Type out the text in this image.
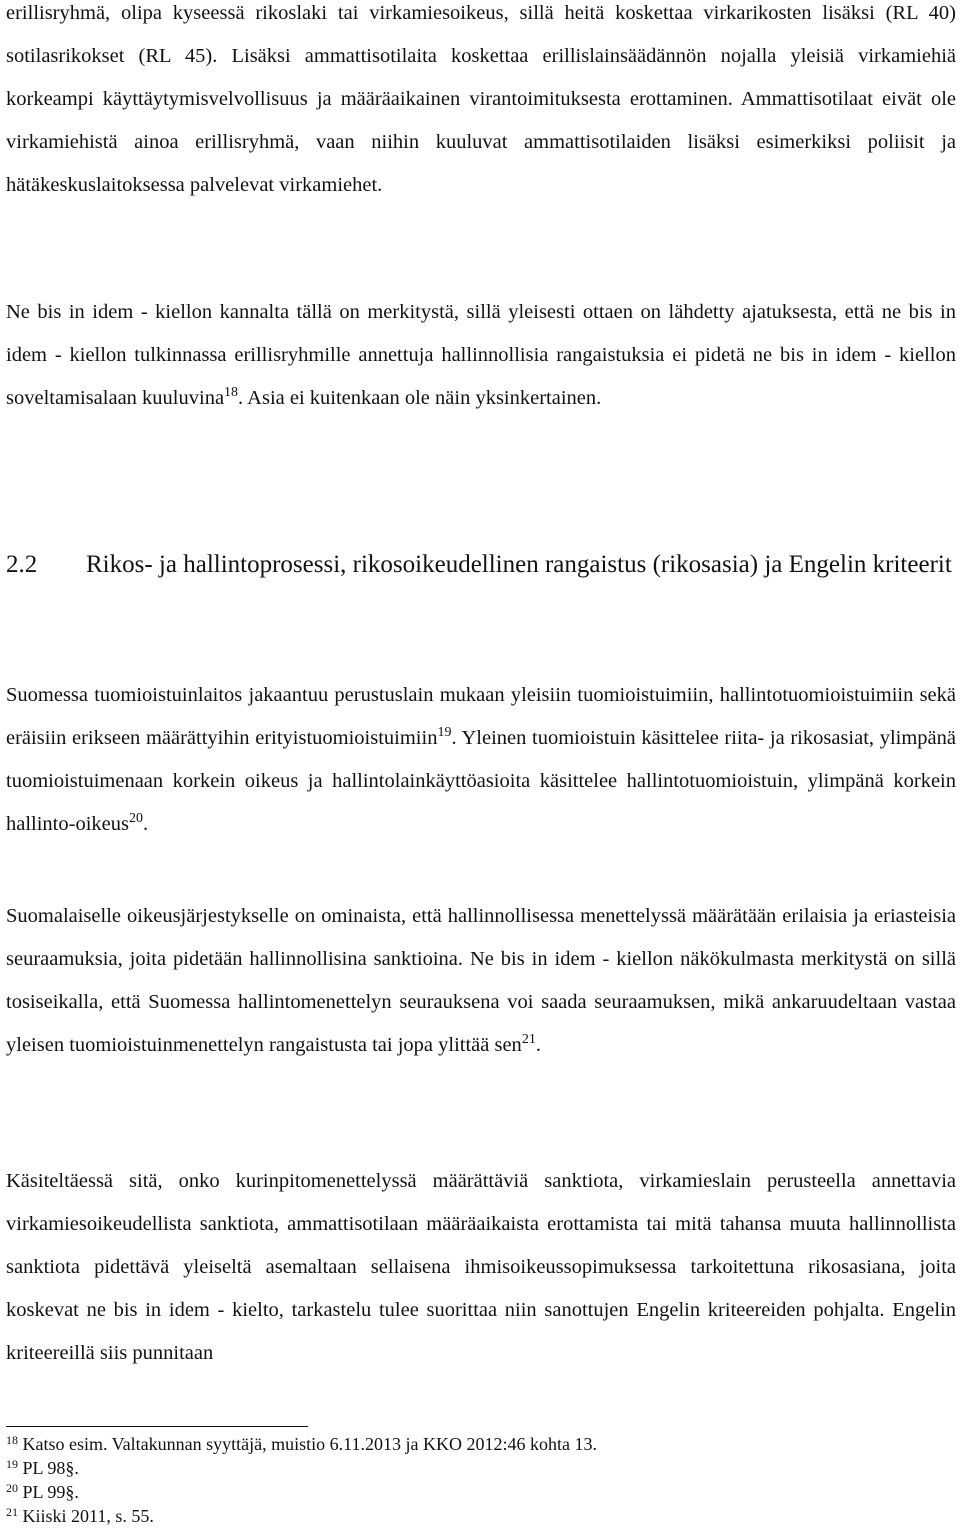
erillisryhmä, olipa kyseessä rikoslaki tai virkamiesoikeus, sillä heitä koskettaa virkarikosten lisäksi (RL 40) sotilasrikokset (RL 45). Lisäksi ammattisotilaita koskettaa erillislainsäädännön nojalla yleisiä virkamiehiä korkeampi käyttäytymisvelvollisuus ja määräaikainen virantoimituksesta erottaminen. Ammattisotilaat eivät ole virkamiehistä ainoa erillisryhmä, vaan niihin kuuluvat ammattisotilaiden lisäksi esimerkiksi poliisit ja hätäkeskuslaitoksessa palvelevat virkamiehet.

Ne bis in idem - kiellon kannalta tällä on merkitystä, sillä yleisesti ottaen on lähdetty ajatuksesta, että ne bis in idem - kiellon tulkinnassa erillisryhmille annettuja hallinnollisia rangaistuksia ei pidetä ne bis in idem - kiellon soveltamisalaan kuuluvina$^{18}$. Asia ei kuitenkaan ole näin yksinkertainen.

2.2 Rikos- ja hallintoprosessi, rikosoikeudellinen rangaistus (rikosasia) ja Engelin kriteerit

Suomessa tuomioistuinlaitos jakaantuu perustuslain mukaan yleisiin tuomioistuimiin, hallintotuomioistuimiin sekä eräisiin erikseen määrättyihin erityistuomioistuimiin$^{19}$. Yleinen tuomioistuin käsittelee riita- ja rikosasiat, ylimpänä tuomioistuimenaan korkein oikeus ja hallintolainkäyttöasioita käsittelee hallintotuomioistuin, ylimpänä korkein hallinto-oikeus$^{20}$.

Suomalaiselle oikeusjärjestykselle on ominaista, että hallinnollisessa menettelyssä määrätään erilaisia ja eriasteisia seuraamuksia, joita pidetään hallinnollisina sanktioina. Ne bis in idem - kiellon näkökulmasta merkitystä on sillä tosiseikalla, että Suomessa hallintomenettelyn seurauksena voi saada seuraamuksen, mikä ankaruudeltaan vastaa yleisen tuomioistuinmenettelyn rangaistusta tai jopa ylittää sen$^{21}$.

Käsiteltäessä sitä, onko kurinpitomenettelyssä määrättäviä sanktiota, virkamieslain perusteella annettavia virkamiesoikeudellista sanktiota, ammattisotilaan määräaikaista erottamista tai mitä tahansa muuta hallinnollista sanktiota pidettävä yleiseltä asemaltaan sellaisena ihmisoikeussopimuksessa tarkoitettuna rikosasiana, joita koskevat ne bis in idem - kielto, tarkastelu tulee suorittaa niin sanottujen Engelin kriteereiden pohjalta. Engelin kriteereillä siis punnitaan

$^{18}$ Katso esim. Valtakunnan syyttäjä, muistio 6.11.2013 ja KKO 2012:46 kohta 13.
$^{19}$ PL 98§.
$^{20}$ PL 99§.
$^{21}$ Kiiski 2011, s. 55.
